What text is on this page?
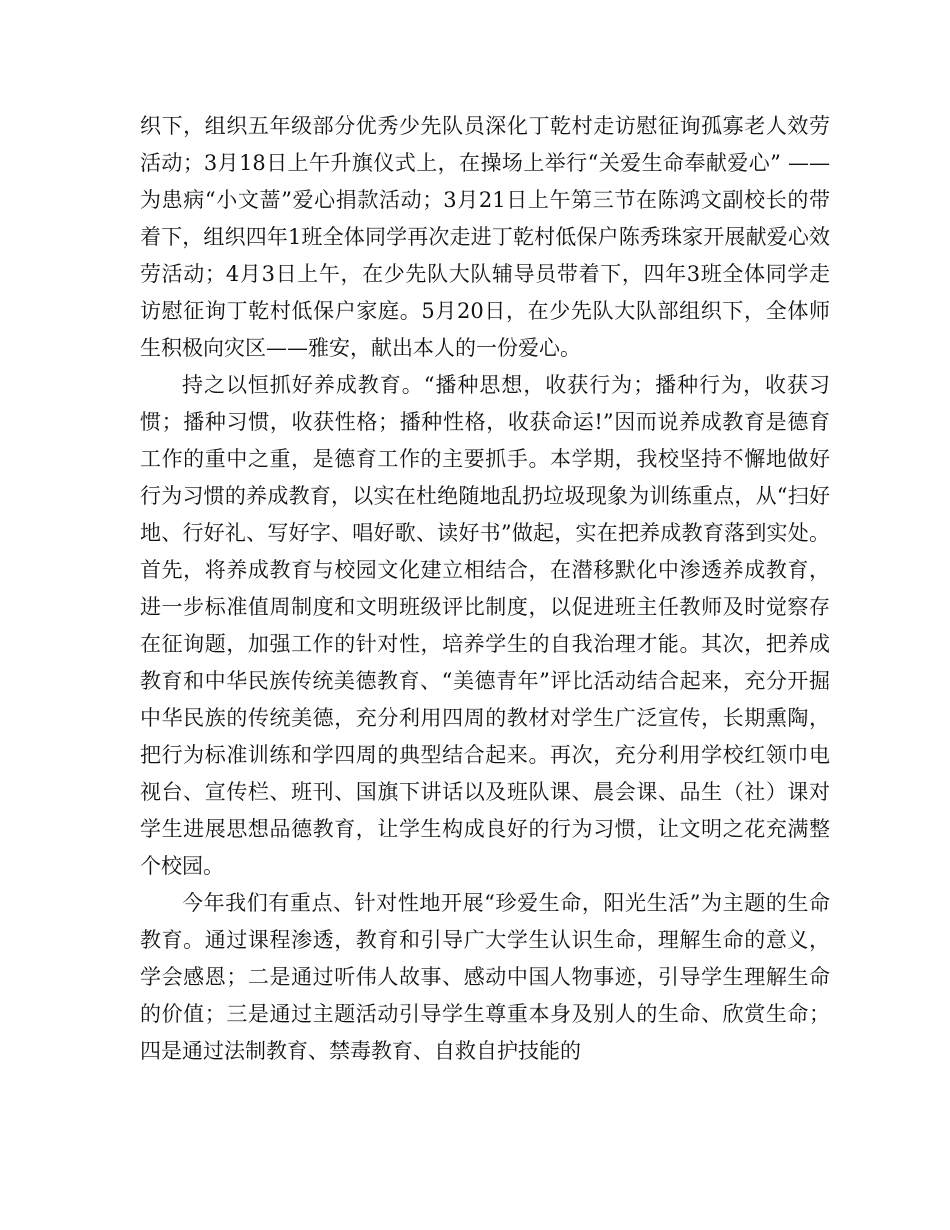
织下，组织五年级部分优秀少先队员深化丁乾村走访慰征询孤寡老人效劳活动；3月18日上午升旗仪式上，在操场上举行“关爱生命奉献爱心” ——为患病“小文蔷”爱心捐款活动；3月21日上午第三节在陈鸿文副校长的带着下，组织四年1班全体同学再次走进丁乾村低保户陈秀珠家开展献爱心效劳活动；4月3日上午，在少先队大队辅导员带着下，四年3班全体同学走访慰征询丁乾村低保户家庭。5月20日，在少先队大队部组织下，全体师生积极向灾区——雅安，献出本人的一份爱心。

持之以恒抓好养成教育。“播种思想，收获行为；播种行为，收获习惯；播种习惯，收获性格；播种性格，收获命运!”因而说养成教育是德育工作的重中之重，是德育工作的主要抓手。本学期，我校坚持不懈地做好行为习惯的养成教育，以实在杜绝随地乱扔垃圾现象为训练重点，从“扫好地、行好礼、写好字、唱好歌、读好书”做起，实在把养成教育落到实处。首先，将养成教育与校园文化建立相结合，在潜移默化中渗透养成教育，进一步标准值周制度和文明班级评比制度，以促进班主任教师及时觉察存在征询题，加强工作的针对性，培养学生的自我治理才能。其次，把养成教育和中华民族传统美德教育、“美德青年”评比活动结合起来，充分开掘中华民族的传统美德，充分利用四周的教材对学生广泛宣传，长期熏陶，把行为标准训练和学四周的典型结合起来。再次，充分利用学校红领巾电视台、宣传栏、班刊、国旗下讲话以及班队课、晨会课、品生（社）课对学生进展思想品德教育，让学生构成良好的行为习惯，让文明之花充满整个校园。

今年我们有重点、针对性地开展“珍爱生命，阳光生活”为主题的生命教育。通过课程渗透，教育和引导广大学生认识生命，理解生命的意义，学会感恩；二是通过听伟人故事、感动中国人物事迹，引导学生理解生命的价值；三是通过主题活动引导学生尊重本身及别人的生命、欣赏生命；四是通过法制教育、禁毒教育、自救自护技能的
